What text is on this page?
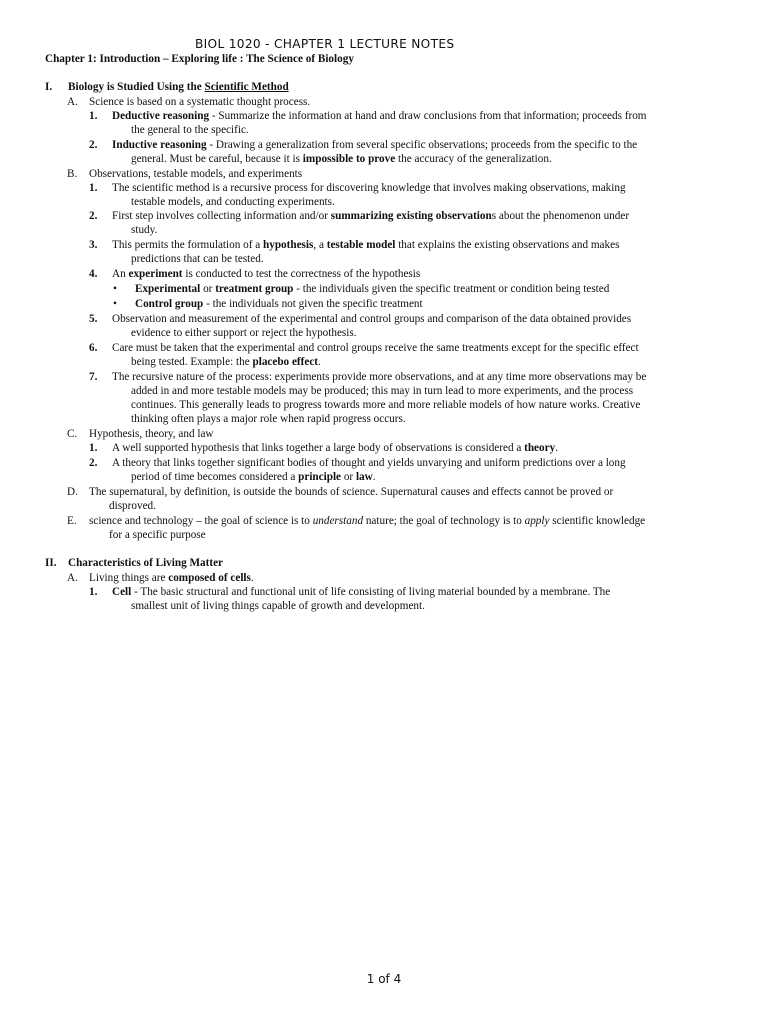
BIOL 1020 - CHAPTER 1 LECTURE NOTES
Chapter 1: Introduction – Exploring life : The Science of Biology
I. Biology is Studied Using the Scientific Method
A. Science is based on a systematic thought process.
1. Deductive reasoning - Summarize the information at hand and draw conclusions from that information; proceeds from
the general to the specific.
2. Inductive reasoning - Drawing a generalization from several specific observations; proceeds from the specific to the
general. Must be careful, because it is impossible to prove the accuracy of the generalization.
B. Observations, testable models, and experiments
1. The scientific method is a recursive process for discovering knowledge that involves making observations, making
testable models, and conducting experiments.
2. First step involves collecting information and/or summarizing existing observations about the phenomenon under
study.
3. This permits the formulation of a hypothesis, a testable model that explains the existing observations and makes
predictions that can be tested.
4. An experiment is conducted to test the correctness of the hypothesis
• Experimental or treatment group - the individuals given the specific treatment or condition being tested
• Control group - the individuals not given the specific treatment
5. Observation and measurement of the experimental and control groups and comparison of the data obtained provides
evidence to either support or reject the hypothesis.
6. Care must be taken that the experimental and control groups receive the same treatments except for the specific effect
being tested. Example: the placebo effect.
7. The recursive nature of the process: experiments provide more observations, and at any time more observations may be
added in and more testable models may be produced; this may in turn lead to more experiments, and the process
continues. This generally leads to progress towards more and more reliable models of how nature works. Creative
thinking often plays a major role when rapid progress occurs.
C. Hypothesis, theory, and law
1. A well supported hypothesis that links together a large body of observations is considered a theory.
2. A theory that links together significant bodies of thought and yields unvarying and uniform predictions over a long
period of time becomes considered a principle or law.
D. The supernatural, by definition, is outside the bounds of science. Supernatural causes and effects cannot be proved or
disproved.
E. science and technology – the goal of science is to understand nature; the goal of technology is to apply scientific knowledge
for a specific purpose
II. Characteristics of Living Matter
A. Living things are composed of cells.
1. Cell - The basic structural and functional unit of life consisting of living material bounded by a membrane. The
smallest unit of living things capable of growth and development.
1 of 4
